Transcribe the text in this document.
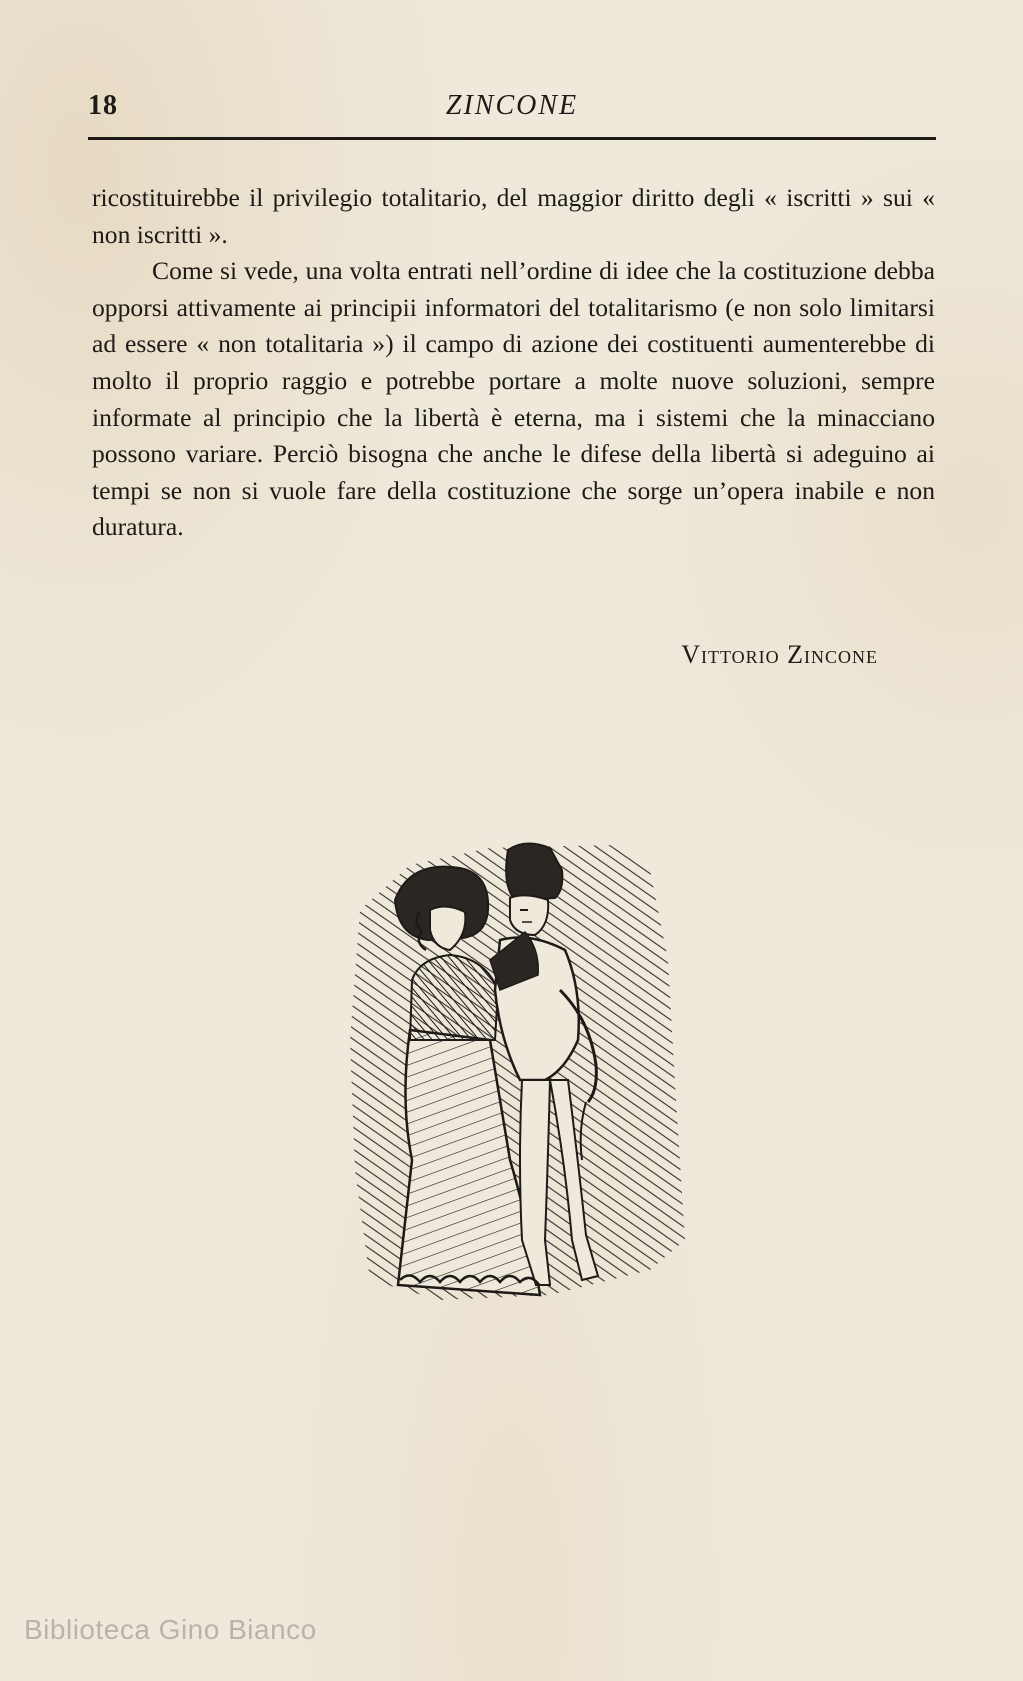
18	ZINCONE

ricostituirebbe il privilegio totalitario, del maggior diritto degli « iscritti » sui « non iscritti ».

Come si vede, una volta entrati nell’ordine di idee che la costituzione debba opporsi attivamente ai principii informatori del totalitarismo (e non solo limitarsi ad essere « non totalitaria ») il campo di azione dei costituenti aumenterebbe di molto il proprio raggio e potrebbe portare a molte nuove soluzioni, sempre informate al principio che la libertà è eterna, ma i sistemi che la minacciano possono variare. Perciò bisogna che anche le difese della libertà si adeguino ai tempi se non si vuole fare della costituzione che sorge un’opera inabile e non duratura.

Vittorio Zincone
Biblioteca Gino Bianco
